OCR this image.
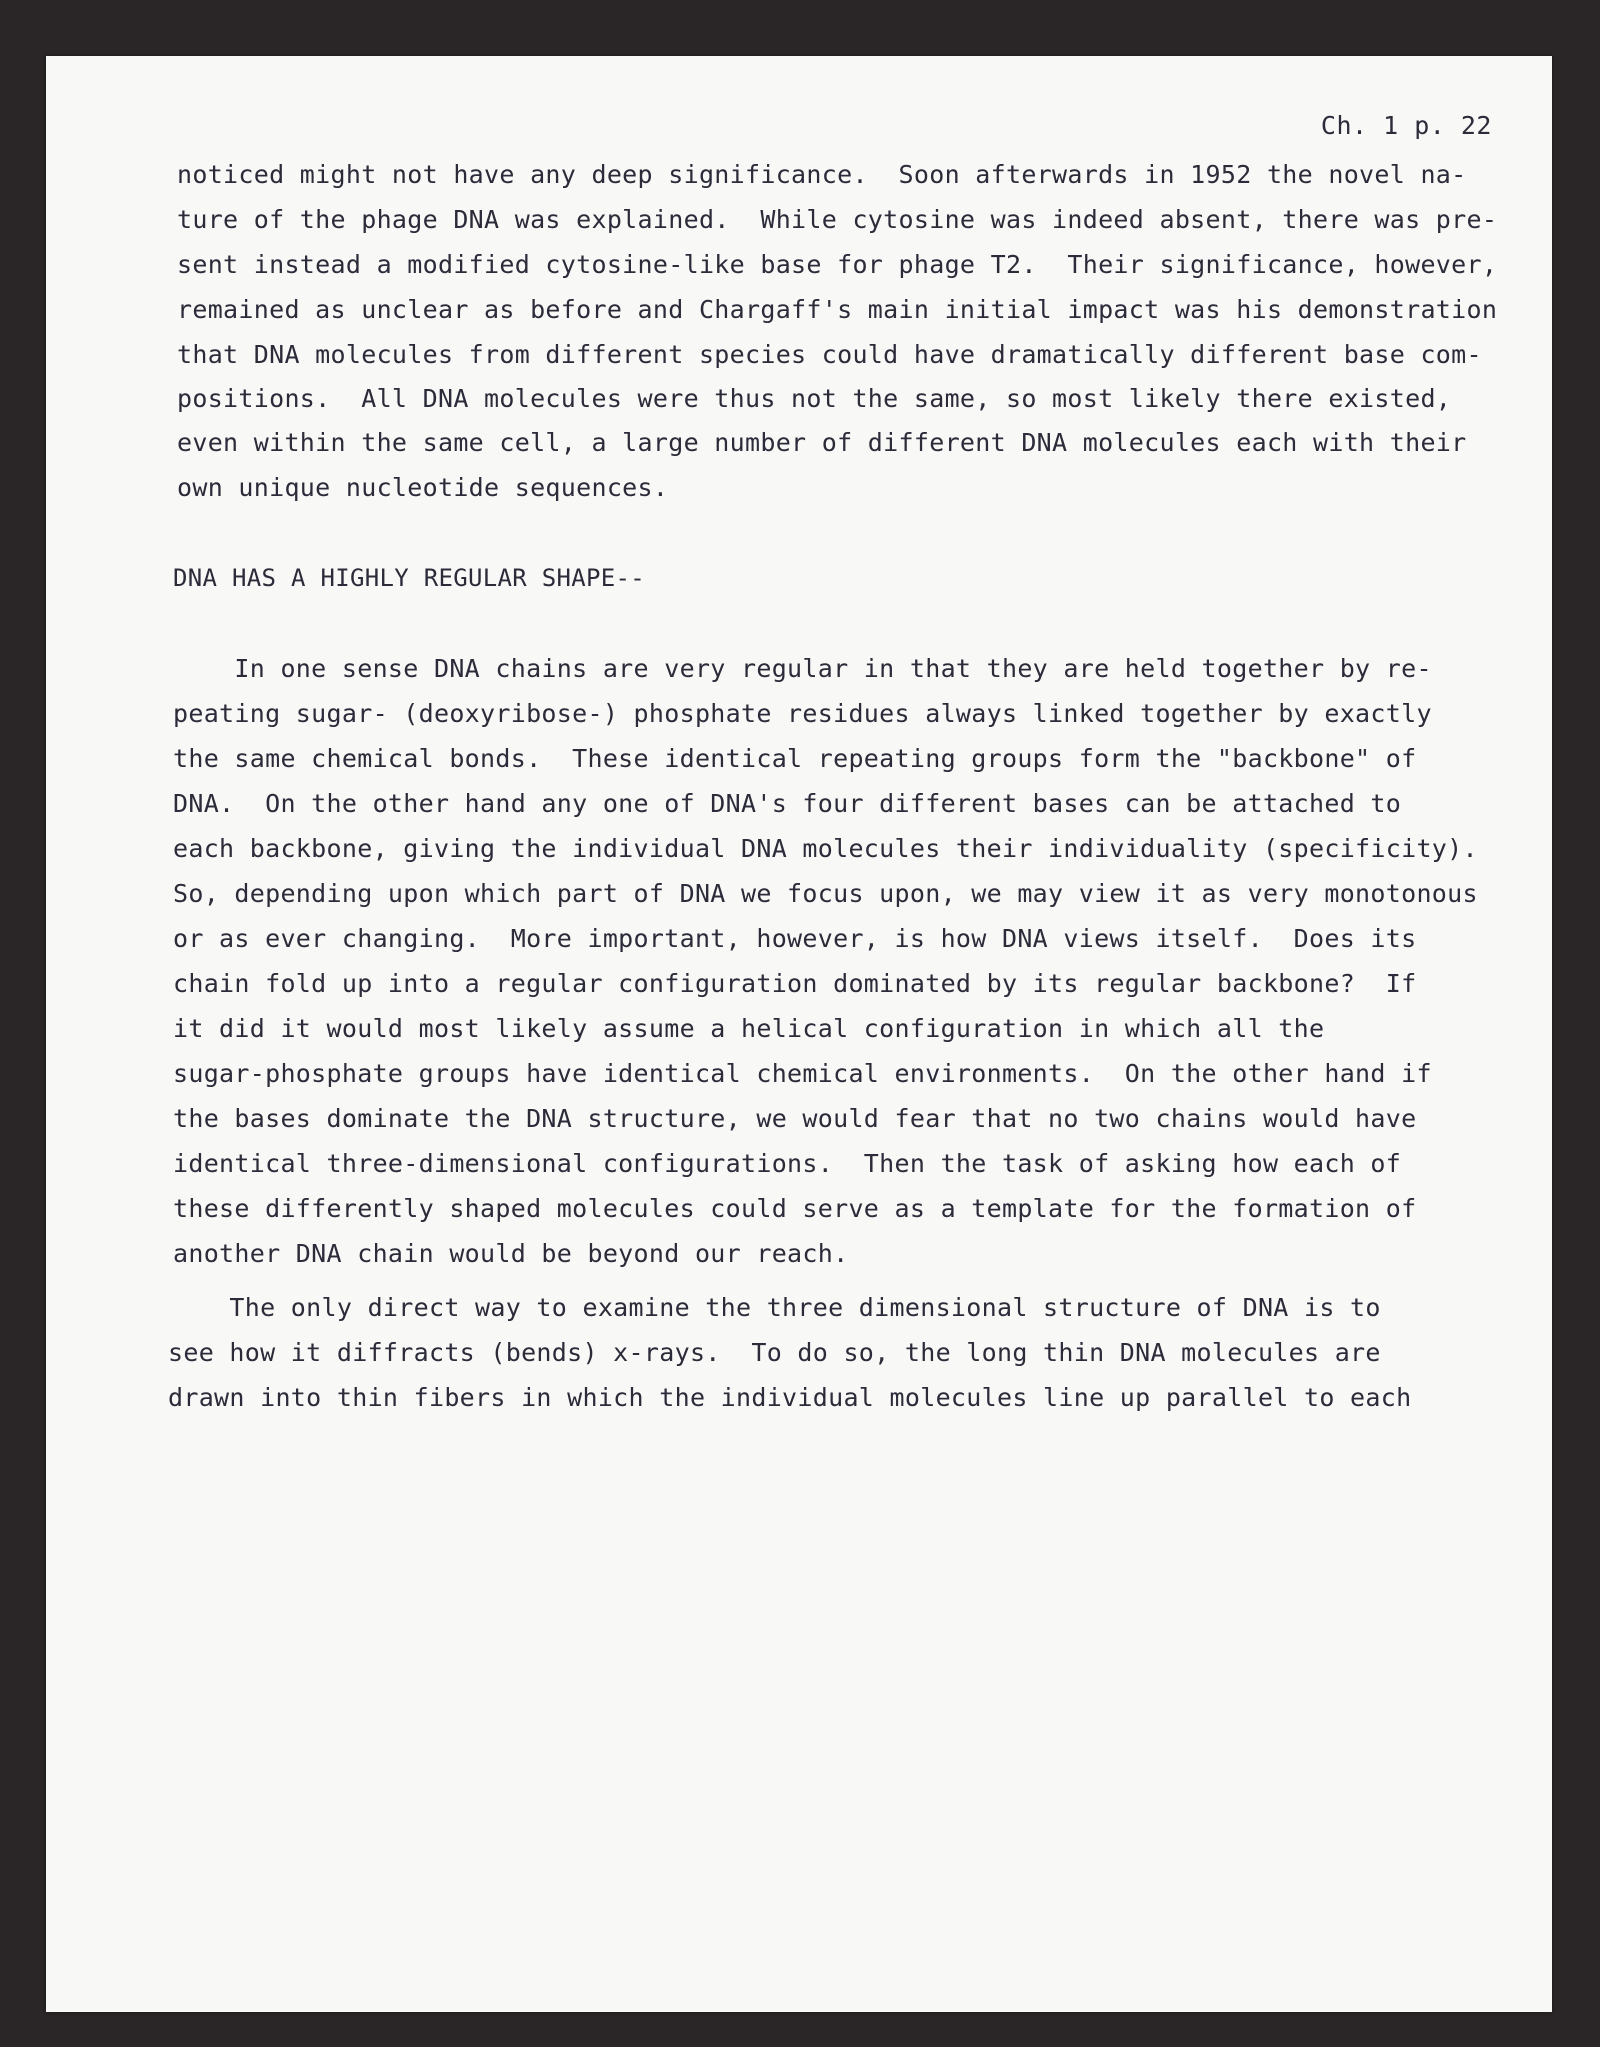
Ch. 1 p. 22
noticed might not have any deep significance.  Soon afterwards in 1952 the novel na-
ture of the phage DNA was explained.  While cytosine was indeed absent, there was pre-
sent instead a modified cytosine-like base for phage T2.  Their significance, however,
remained as unclear as before and Chargaff's main initial impact was his demonstration
that DNA molecules from different species could have dramatically different base com-
positions.  All DNA molecules were thus not the same, so most likely there existed,
even within the same cell, a large number of different DNA molecules each with their
own unique nucleotide sequences.
DNA HAS A HIGHLY REGULAR SHAPE--
In one sense DNA chains are very regular in that they are held together by re-
peating sugar- (deoxyribose-) phosphate residues always linked together by exactly
the same chemical bonds.  These identical repeating groups form the "backbone" of
DNA.  On the other hand any one of DNA's four different bases can be attached to
each backbone, giving the individual DNA molecules their individuality (specificity).
So, depending upon which part of DNA we focus upon, we may view it as very monotonous
or as ever changing.  More important, however, is how DNA views itself.  Does its
chain fold up into a regular configuration dominated by its regular backbone?  If
it did it would most likely assume a helical configuration in which all the
sugar-phosphate groups have identical chemical environments.  On the other hand if
the bases dominate the DNA structure, we would fear that no two chains would have
identical three-dimensional configurations.  Then the task of asking how each of
these differently shaped molecules could serve as a template for the formation of
another DNA chain would be beyond our reach.
The only direct way to examine the three dimensional structure of DNA is to
see how it diffracts (bends) x-rays.  To do so, the long thin DNA molecules are
drawn into thin fibers in which the individual molecules line up parallel to each
